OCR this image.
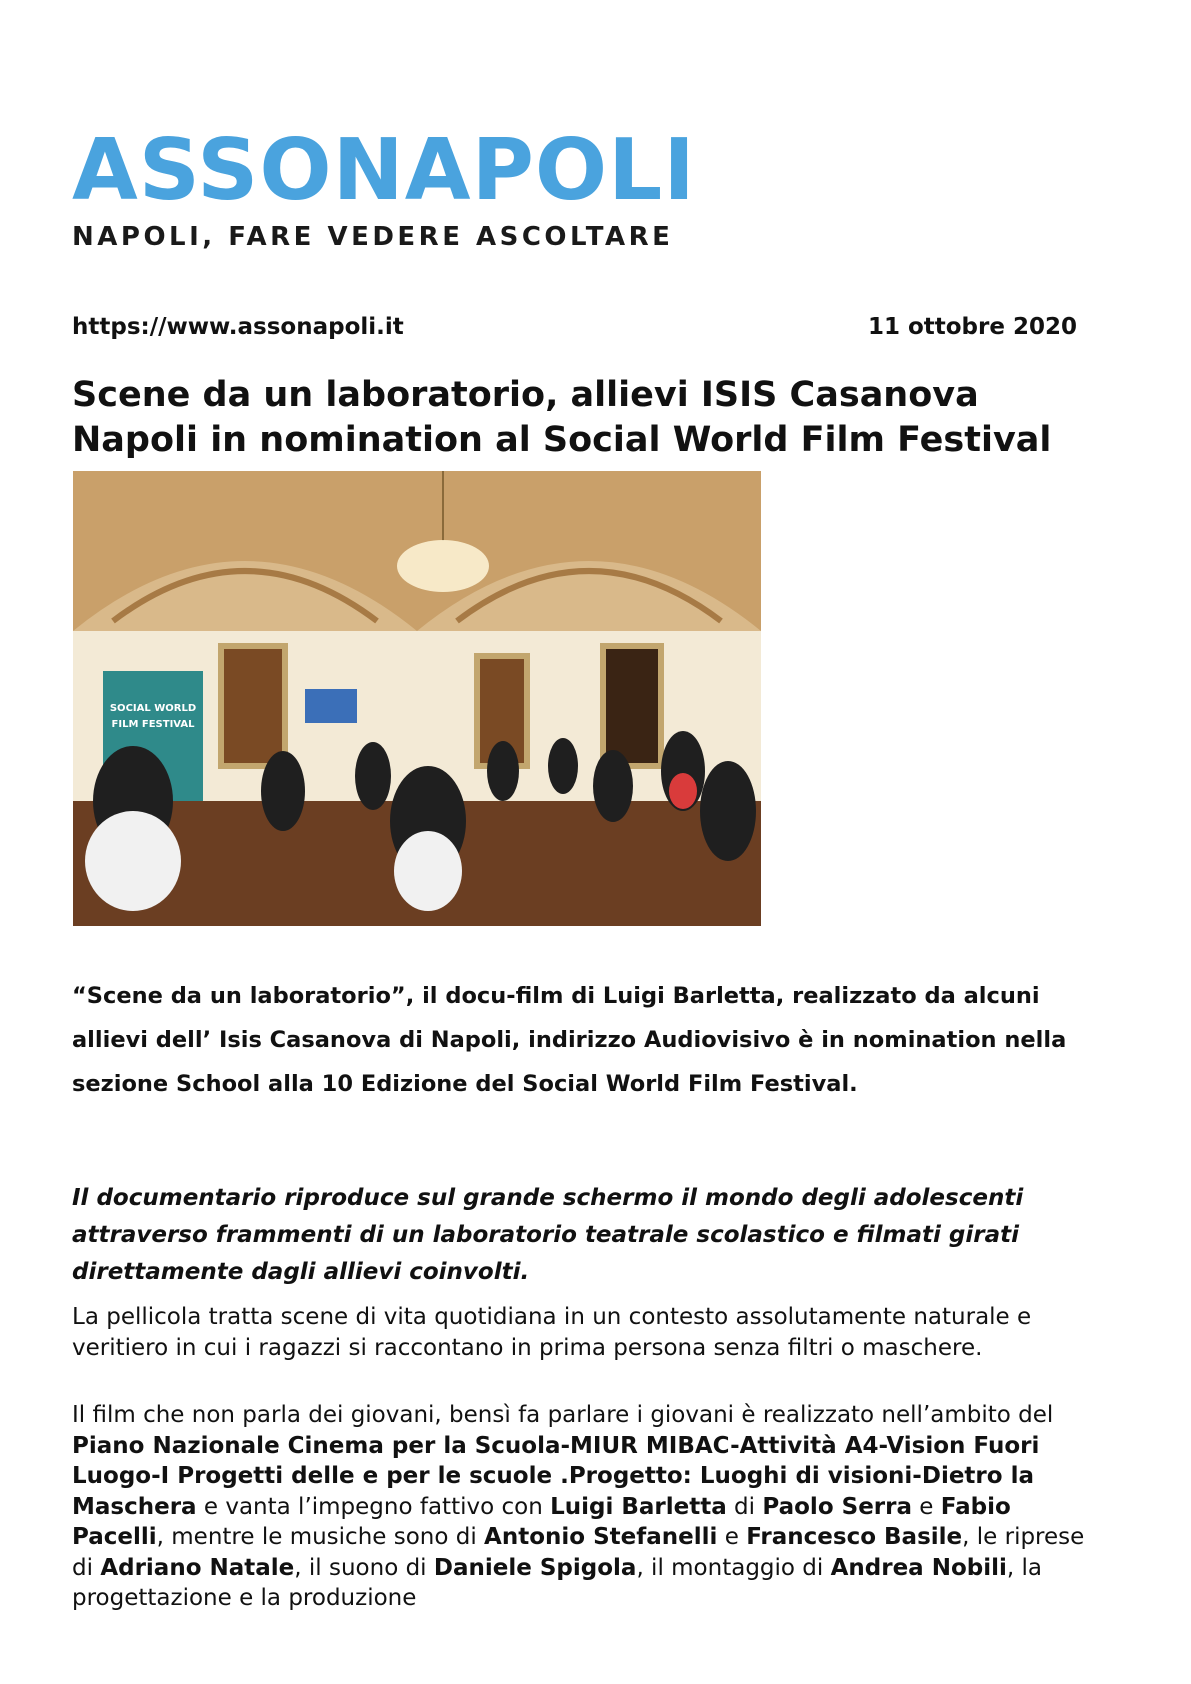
ASSONAPOLI
NAPOLI, FARE VEDERE ASCOLTARE
https://www.assonapoli.it	11 ottobre 2020
Scene da un laboratorio, allievi ISIS Casanova Napoli in nomination al Social World Film Festival
SOCIAL WORLD
FILM FESTIVAL

“Scene da un laboratorio”, il docu-film di Luigi Barletta, realizzato da alcuni allievi dell’ Isis Casanova di Napoli, indirizzo Audiovisivo è in nomination nella sezione School alla 10 Edizione del Social World Film Festival.

Il documentario riproduce sul grande schermo il mondo degli adolescenti attraverso frammenti di un laboratorio teatrale scolastico e filmati girati direttamente dagli allievi coinvolti.

La pellicola tratta scene di vita quotidiana in un contesto assolutamente naturale e veritiero in cui i ragazzi si raccontano in prima persona senza filtri o maschere.

Il film che non parla dei giovani, bensì fa parlare i giovani è realizzato nell’ambito del Piano Nazionale Cinema per la Scuola-MIUR MIBAC-Attività A4-Vision Fuori Luogo-I Progetti delle e per le scuole .Progetto: Luoghi di visioni-Dietro la Maschera e vanta l’impegno fattivo con Luigi Barletta di Paolo Serra e Fabio Pacelli, mentre le musiche sono di Antonio Stefanelli e Francesco Basile, le riprese di Adriano Natale, il suono di Daniele Spigola, il montaggio di Andrea Nobili, la progettazione e la produzione
